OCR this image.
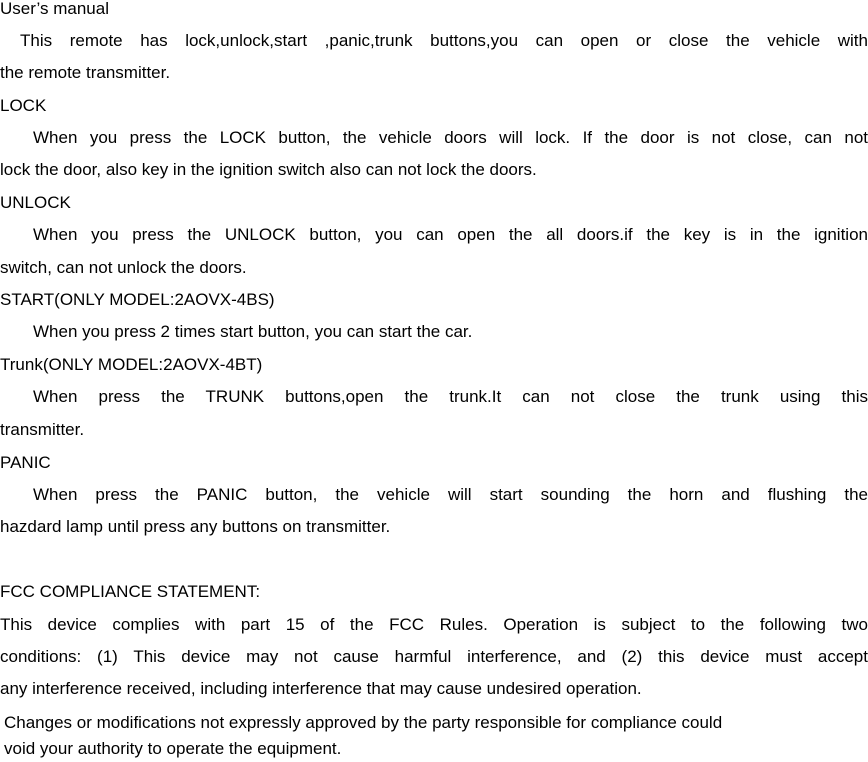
User’s manual
This remote has lock,unlock,start ,panic,trunk buttons,you can open or close the vehicle with
the remote transmitter.
LOCK
When you press the LOCK button, the vehicle doors will lock. If the door is not close, can not
lock the door, also key in the ignition switch also can not lock the doors.
UNLOCK
When you press the UNLOCK button, you can open the all doors.if the key is in the ignition
switch, can not unlock the doors.
START(ONLY MODEL:2AOVX-4BS)
When you press 2 times start button, you can start the car.
Trunk(ONLY MODEL:2AOVX-4BT)
When press the TRUNK buttons,open the trunk.It can not close the trunk using this
transmitter.
PANIC
When press the PANIC button, the vehicle will start sounding the horn and flushing the
hazdard lamp until press any buttons on transmitter.
FCC COMPLIANCE STATEMENT:
This device complies with part 15 of the FCC Rules. Operation is subject to the following two
conditions: (1) This device may not cause harmful interference, and (2) this device must accept
any interference received, including interference that may cause undesired operation.
Changes or modifications not expressly approved by the party responsible for compliance could
void your authority to operate the equipment.
